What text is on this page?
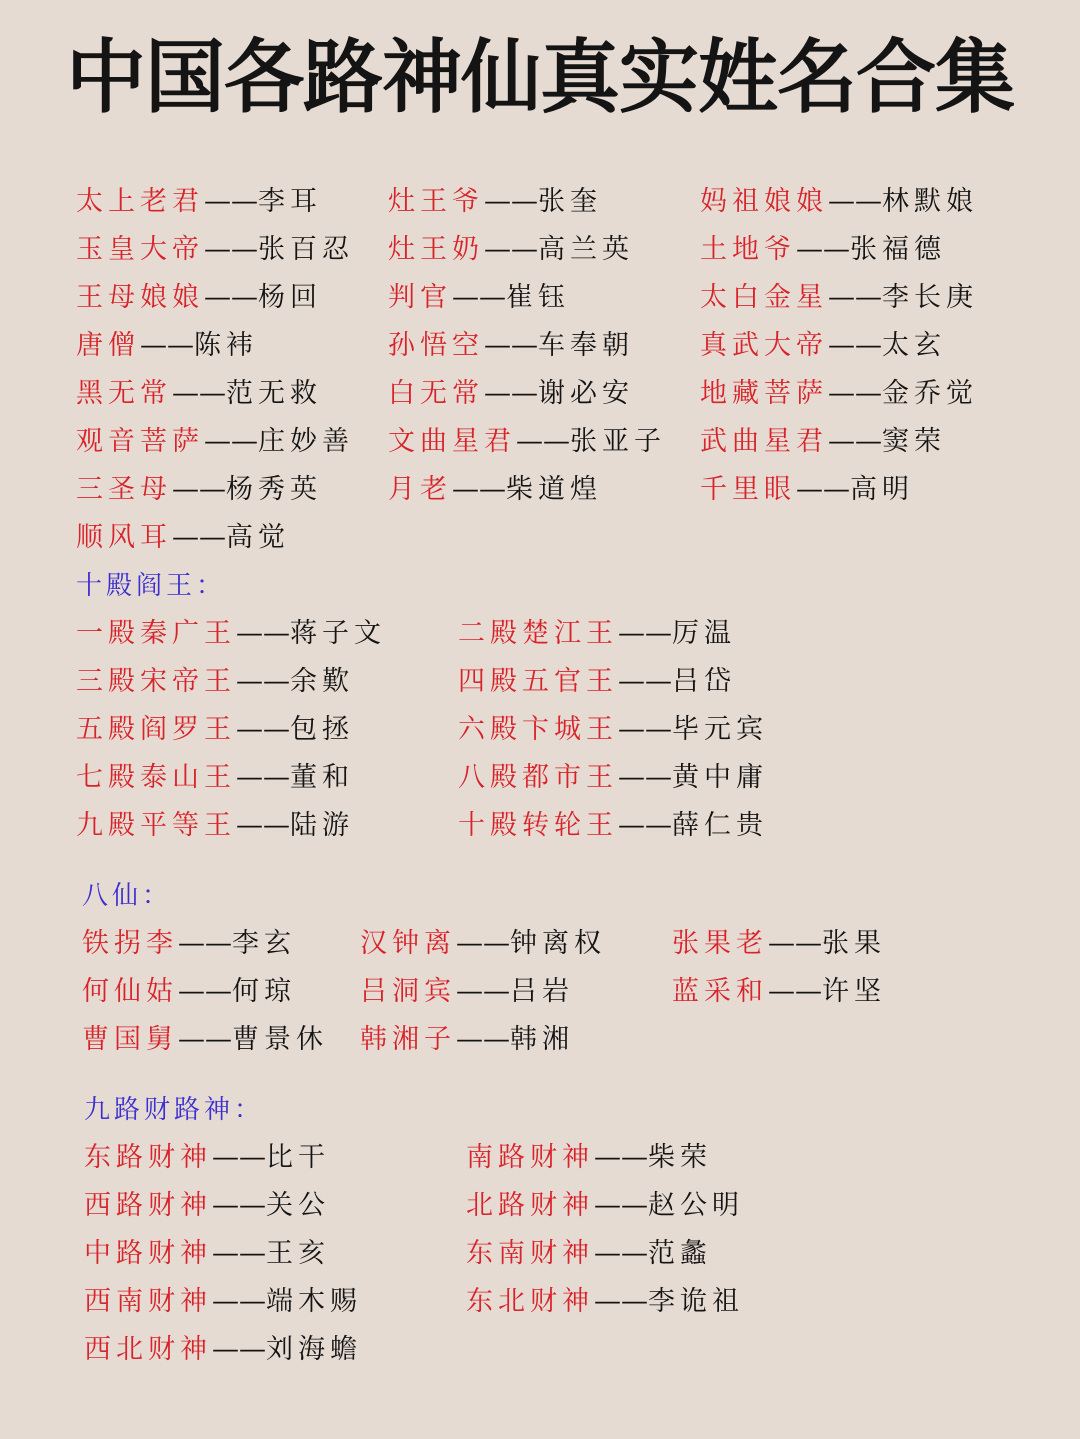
中国各路神仙真实姓名合集
太上老君——李耳 灶王爷——张奎	妈祖娘娘——林默娘
玉皇大帝——张百忍 灶王奶——高兰英 土地爷——张福德
王母娘娘——杨回 判官——崔钰	太白金星——李长庚
唐僧——陈袆	孙悟空——车奉朝 真武大帝——太玄
黑无常——范无救 白无常——谢必安 地藏菩萨——金乔觉
观音菩萨——庄妙善 文曲星君——张亚子 武曲星君——窦荣
三圣母——杨秀英 月老——柴道煌	千里眼——高明
顺风耳——高觉
十殿阎王：
一殿秦广王——蒋子文	二殿楚江王——厉温
三殿宋帝王——余歎	四殿五官王——吕岱
五殿阎罗王——包拯	六殿卞城王——毕元宾
七殿泰山王——董和	八殿都市王——黄中庸
九殿平等王——陆游	十殿转轮王——薛仁贵
八仙：
铁拐李——李玄 汉钟离——钟离权 张果老——张果
何仙姑——何琼 吕洞宾——吕岩	蓝采和——许坚
曹国舅——曹景休 韩湘子——韩湘
九路财路神：
东路财神——比干	南路财神——柴荣
西路财神——关公	北路财神——赵公明
中路财神——王亥	东南财神——范蠡
西南财神——端木赐	东北财神——李诡祖
西北财神——刘海蟾
